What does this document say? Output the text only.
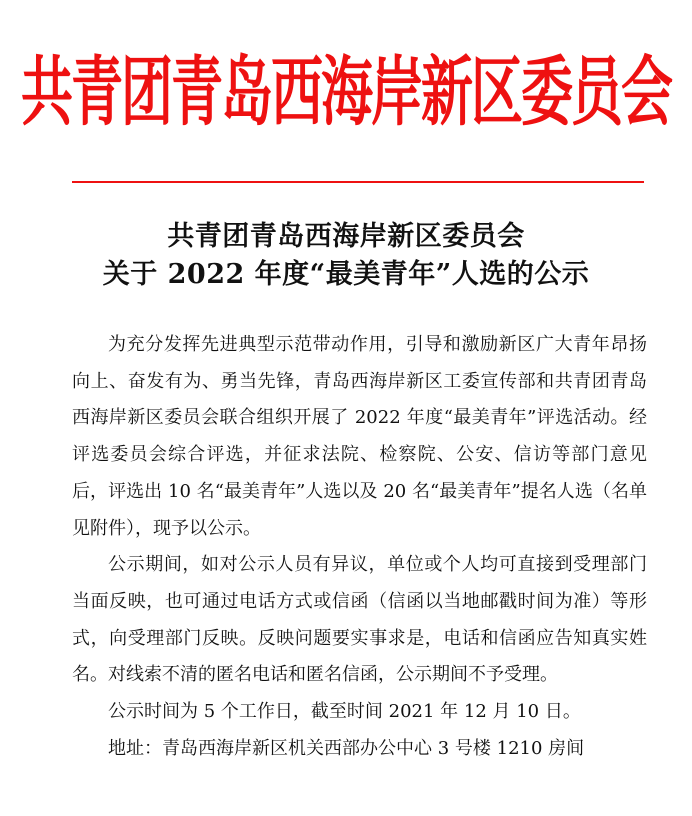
共青团青岛西海岸新区委员会
共青团青岛西海岸新区委员会
关于 2022 年度“最美青年”人选的公示

为充分发挥先进典型示范带动作用，引导和激励新区广大青年昂扬向上、奋发有为、勇当先锋，青岛西海岸新区工委宣传部和共青团青岛西海岸新区委员会联合组织开展了 2022 年度“最美青年”评选活动。经评选委员会综合评选，并征求法院、检察院、公安、信访等部门意见后，评选出 10 名“最美青年”人选以及 20 名“最美青年”提名人选（名单见附件），现予以公示。

公示期间，如对公示人员有异议，单位或个人均可直接到受理部门当面反映，也可通过电话方式或信函（信函以当地邮戳时间为准）等形式，向受理部门反映。反映问题要实事求是，电话和信函应告知真实姓名。对线索不清的匿名电话和匿名信函，公示期间不予受理。

公示时间为 5 个工作日，截至时间 2021 年 12 月 10 日。

地址：青岛西海岸新区机关西部办公中心 3 号楼 1210 房间
